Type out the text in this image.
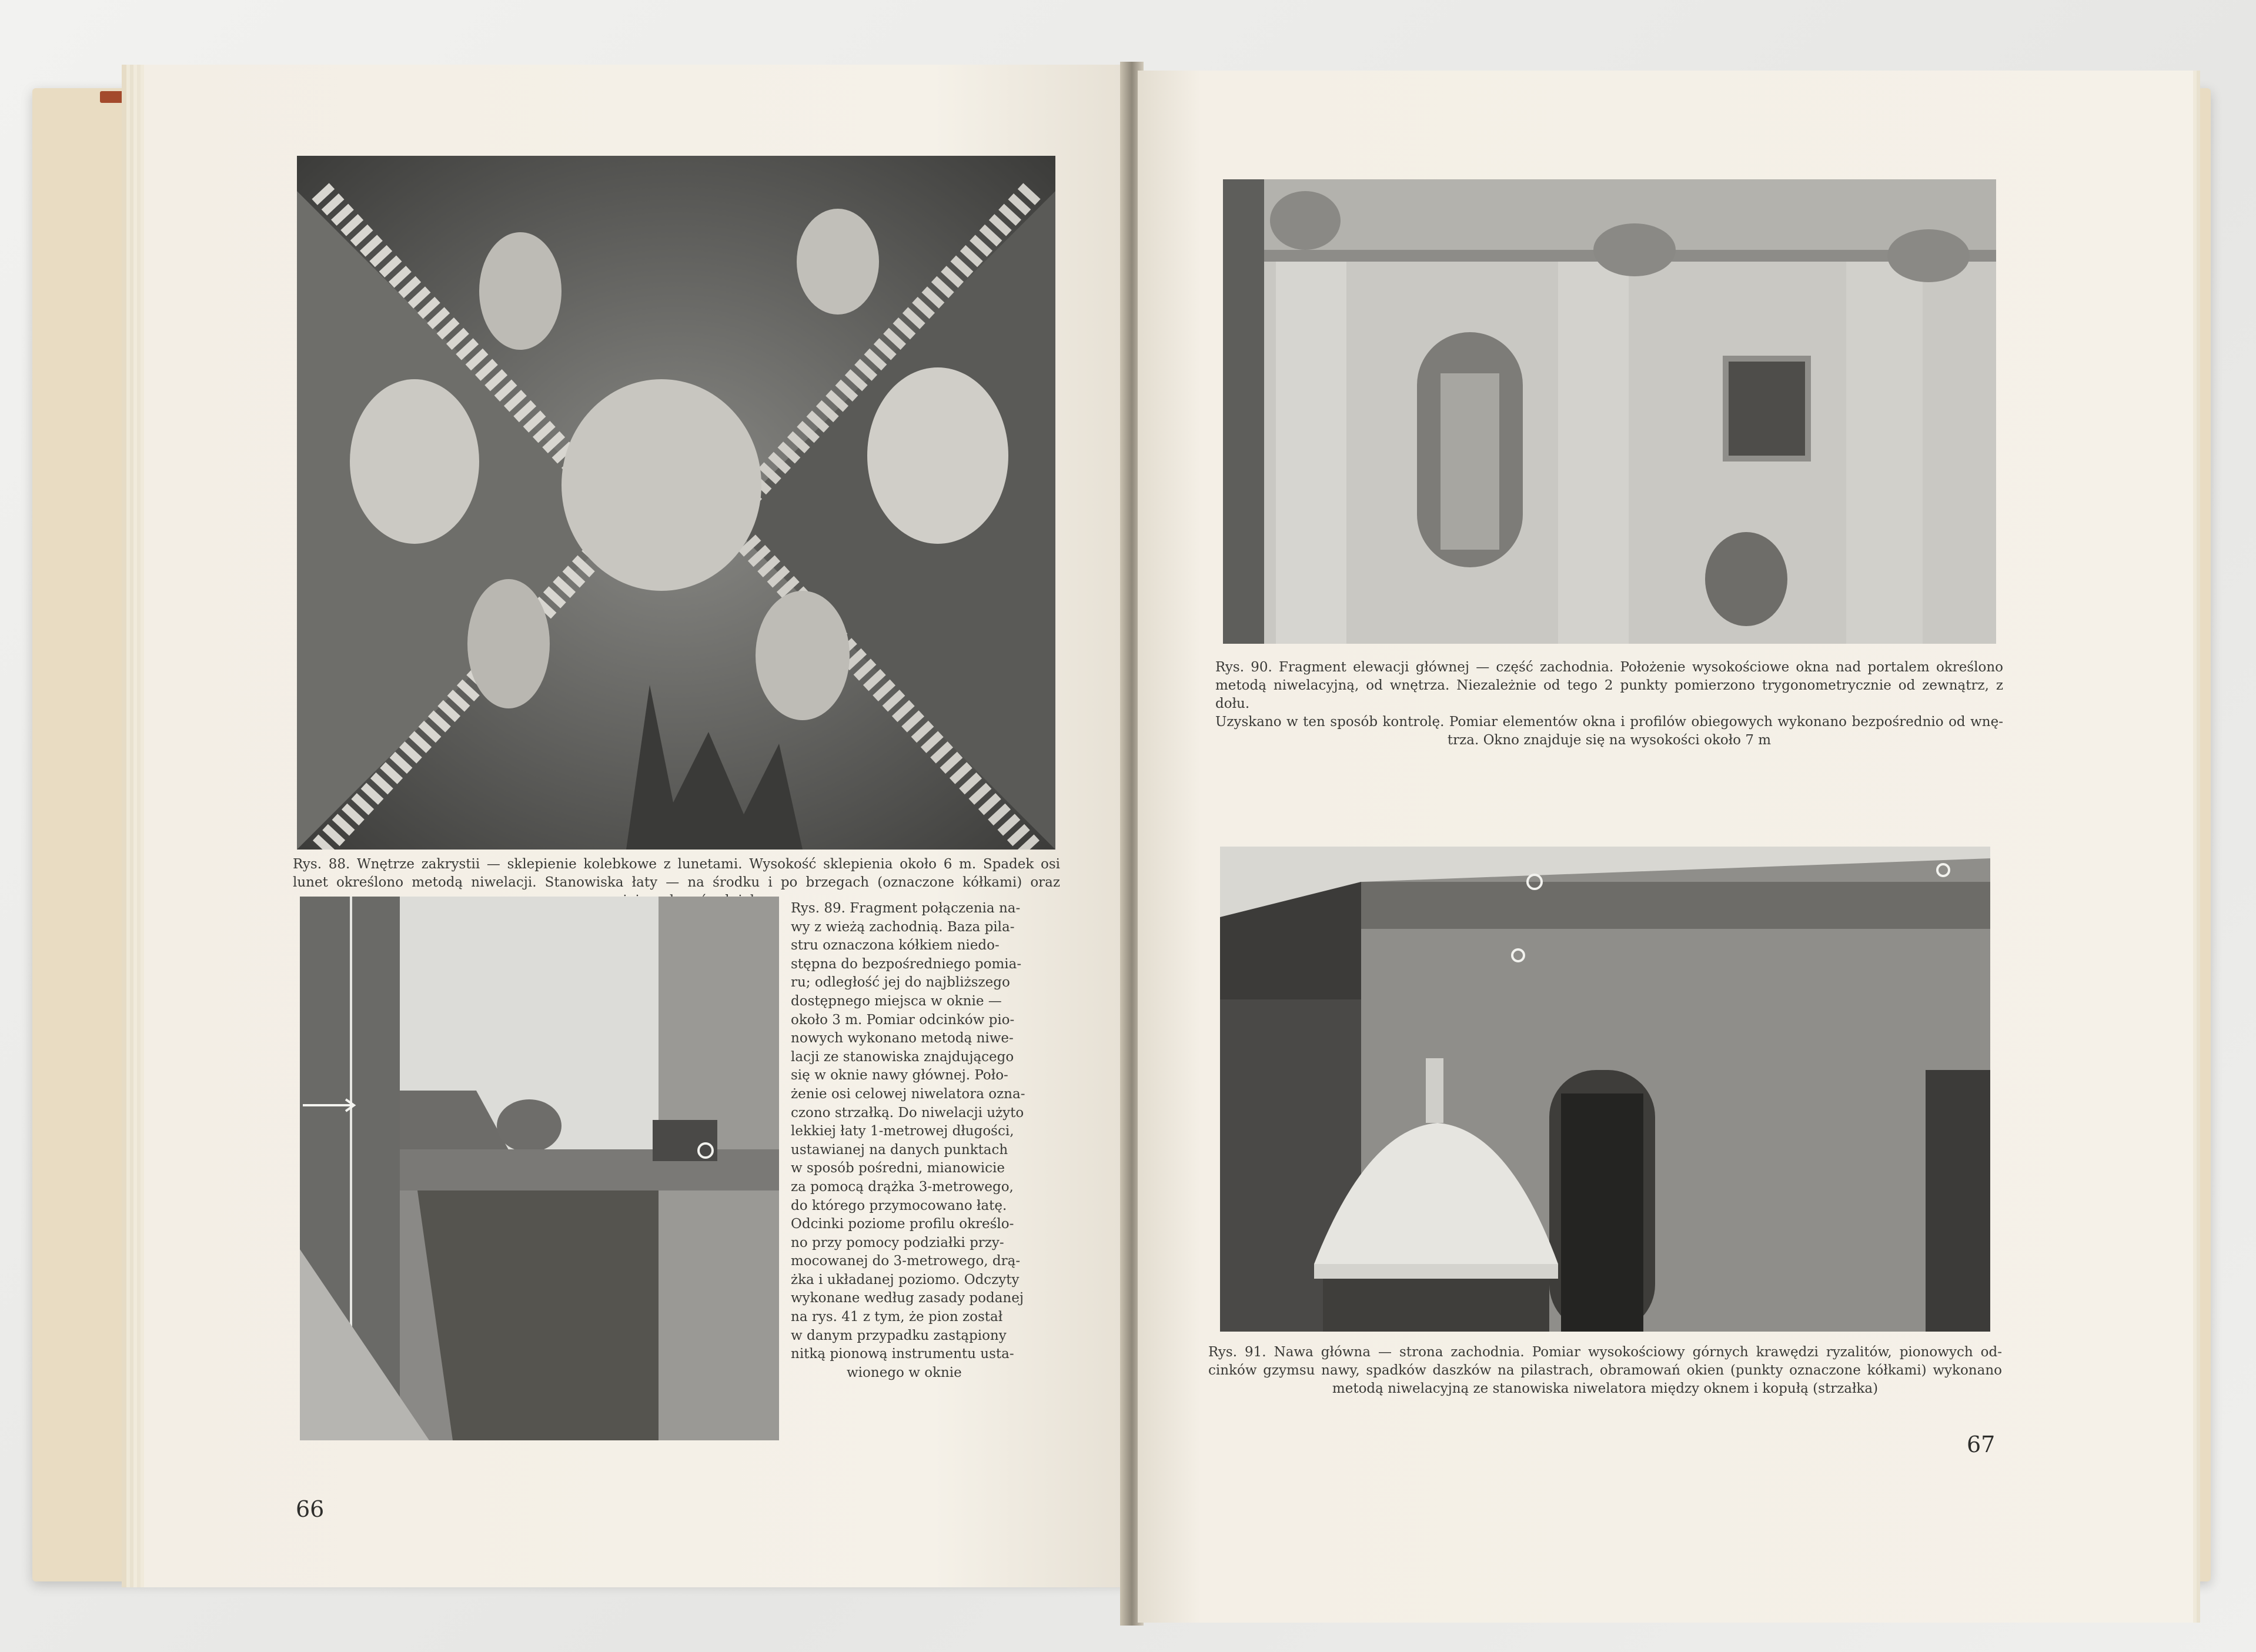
Rys. 88. Wnętrze zakrystii — sklepienie kolebkowe z lunetami. Wysokość sklepienia około 6 m. Spadek osi
lunet określono metodą niwelacji. Stanowiska łaty — na środku i po brzegach (oznaczone kółkami) oraz
Rys. 89. Fragment połączenia na-
wy z wieżą zachodnią. Baza pila-
stru oznaczona kółkiem niedo-
stępna do bezpośredniego pomia-
ru; odległość jej do najbliższego
dostępnego miejsca w oknie —
około 3 m. Pomiar odcinków pio-
nowych wykonano metodą niwe-
lacji ze stanowiska znajdującego
się w oknie nawy głównej. Poło-
żenie osi celowej niwelatora ozna-
czono strzałką. Do niwelacji użyto
lekkiej łaty 1-metrowej długości,
ustawianej na danych punktach
w sposób pośredni, mianowicie
za pomocą drążka 3-metrowego,
do którego przymocowano łatę.
Odcinki poziome profilu określo-
no przy pomocy podziałki przy-
mocowanej do 3-metrowego, drą-
żka i układanej poziomo. Odczyty
wykonane według zasady podanej
na rys. 41 z tym, że pion został
w danym przypadku zastąpiony
nitką pionową instrumentu usta-
wionego w oknie
66
Rys. 90. Fragment elewacji głównej — część zachodnia. Położenie wysokościowe okna nad portalem określono
metodą niwelacyjną, od wnętrza. Niezależnie od tego 2 punkty pomierzono trygonometrycznie od zewnątrz, z dołu.
Uzyskano w ten sposób kontrolę. Pomiar elementów okna i profilów obiegowych wykonano bezpośrednio od wnę-
trza. Okno znajduje się na wysokości około 7 m
Rys. 91. Nawa główna — strona zachodnia. Pomiar wysokościowy górnych krawędzi ryzalitów, pionowych od-
cinków gzymsu nawy, spadków daszków na pilastrach, obramowań okien (punkty oznaczone kółkami) wykonano
metodą niwelacyjną ze stanowiska niwelatora między oknem i kopułą (strzałka)
67
